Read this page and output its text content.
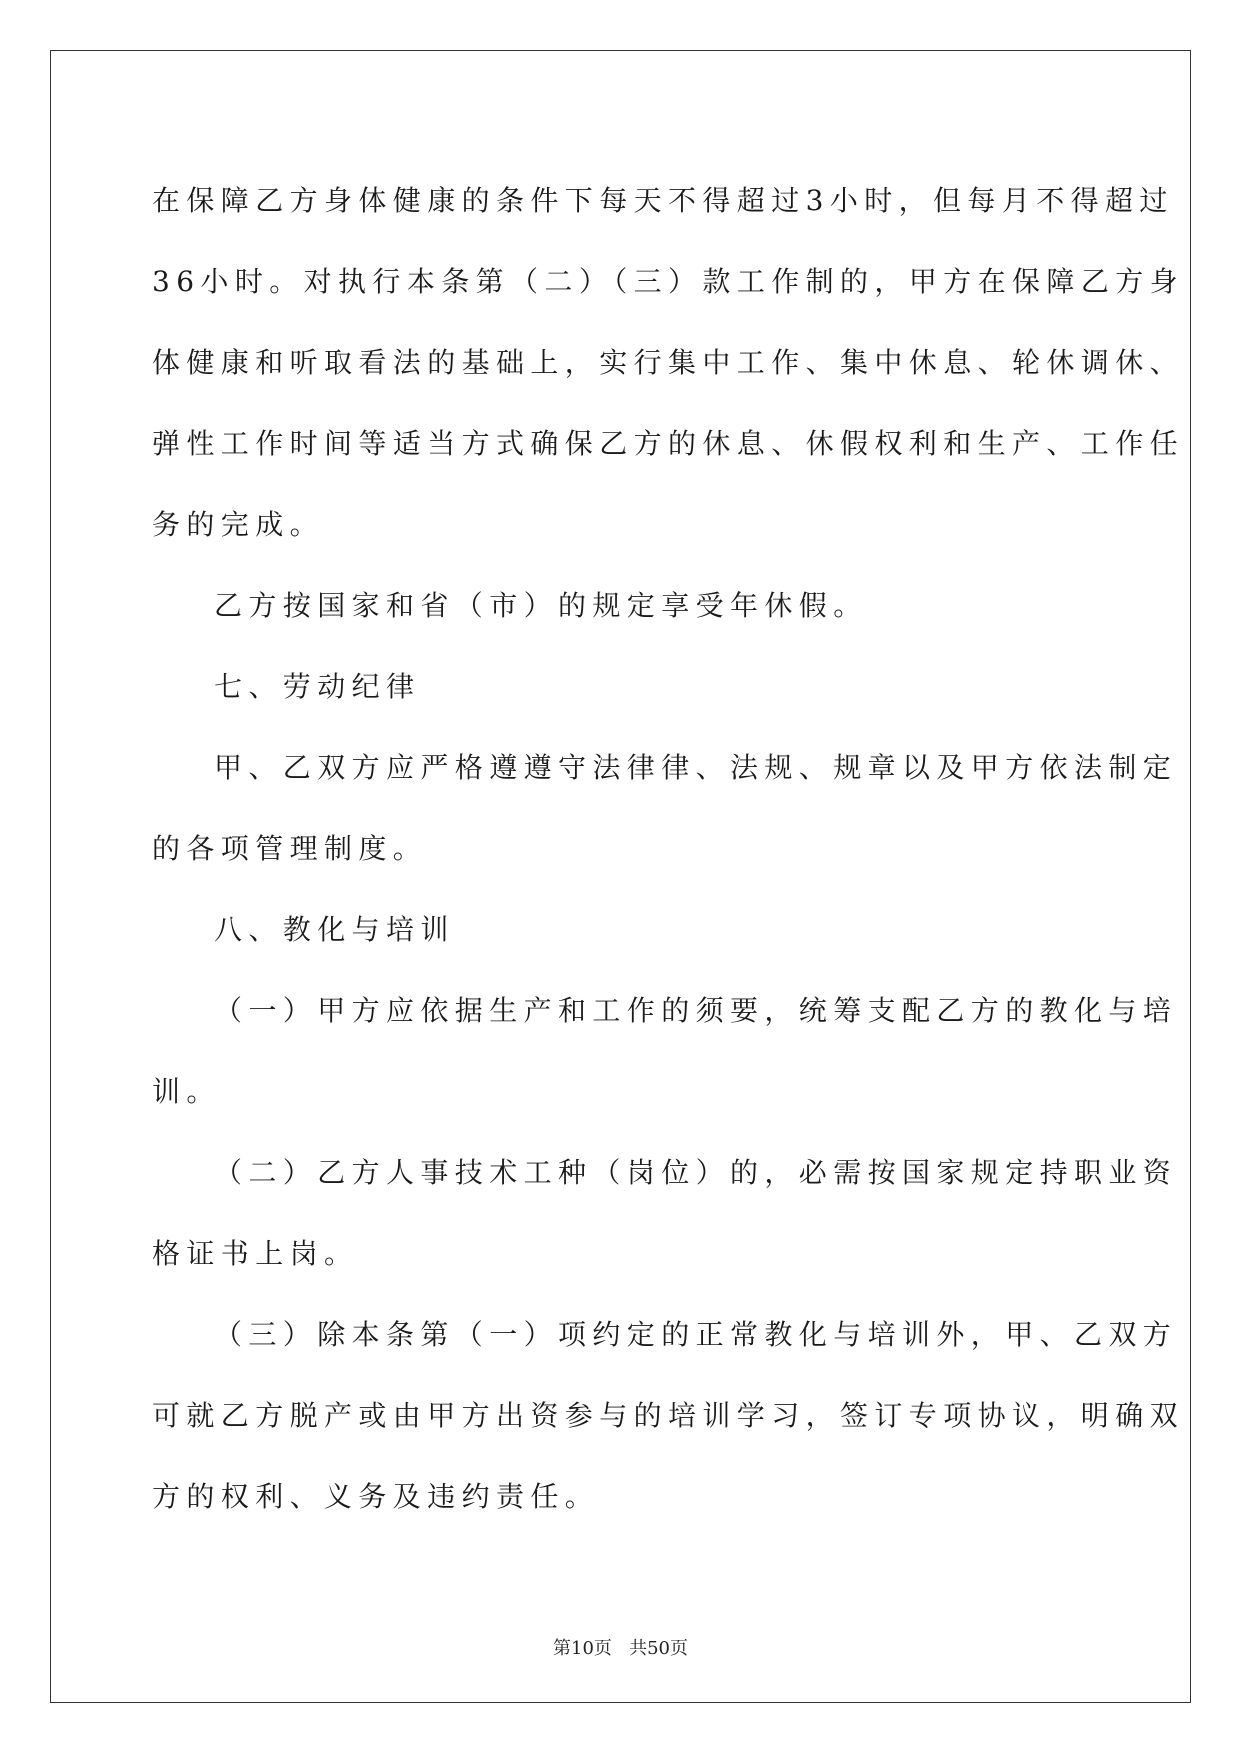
在保障乙方身体健康的条件下每天不得超过3小时，但每月不得超过
36小时。对执行本条第（二）（三）款工作制的，甲方在保障乙方身
体健康和听取看法的基础上，实行集中工作、集中休息、轮休调休、
弹性工作时间等适当方式确保乙方的休息、休假权利和生产、工作任
务的完成。
乙方按国家和省（市）的规定享受年休假。
七、劳动纪律
甲、乙双方应严格遵遵守法律律、法规、规章以及甲方依法制定
的各项管理制度。
八、教化与培训
（一）甲方应依据生产和工作的须要，统筹支配乙方的教化与培
训。
（二）乙方人事技术工种（岗位）的，必需按国家规定持职业资
格证书上岗。
（三）除本条第（一）项约定的正常教化与培训外，甲、乙双方
可就乙方脱产或由甲方出资参与的培训学习，签订专项协议，明确双
方的权利、义务及违约责任。
第10页   共50页
